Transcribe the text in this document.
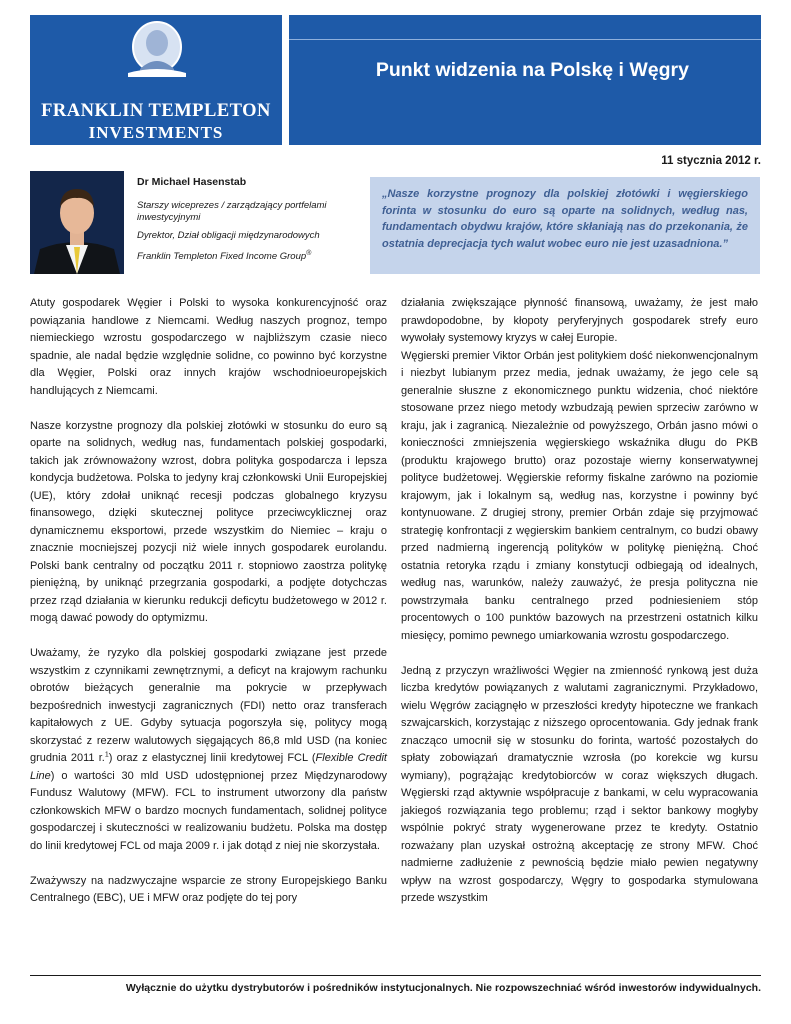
FRANKLIN TEMPLETON
INVESTMENTS
Punkt widzenia na Polskę i Węgry
11 stycznia 2012 r.
Dr Michael Hasenstab
Starszy wiceprezes / zarządzający portfelami inwestycyjnymi
Dyrektor, Dział obligacji międzynarodowych
Franklin Templeton Fixed Income Group®

„Nasze korzystne prognozy dla polskiej złotówki i węgierskiego forinta w stosunku do euro są oparte na solidnych, według nas, fundamentach obydwu krajów, które skłaniają nas do przekonania, że ostatnia deprecjacja tych walut wobec euro nie jest uzasadniona.”

Atuty gospodarek Węgier i Polski to wysoka konkurencyjność oraz powiązania handlowe z Niemcami. Według naszych prognoz, tempo niemieckiego wzrostu gospodarczego w najbliższym czasie nieco spadnie, ale nadal będzie względnie solidne, co powinno być korzystne dla Węgier, Polski oraz innych krajów wschodnioeuropejskich handlujących z Niemcami.

Nasze korzystne prognozy dla polskiej złotówki w stosunku do euro są oparte na solidnych, według nas, fundamentach polskiej gospodarki, takich jak zrównoważony wzrost, dobra polityka gospodarcza i lepsza kondycja budżetowa. Polska to jedyny kraj członkowski Unii Europejskiej (UE), który zdołał uniknąć recesji podczas globalnego kryzysu finansowego, dzięki skutecznej polityce przeciwcyklicznej oraz dynamicznemu eksportowi, przede wszystkim do Niemiec – kraju o znacznie mocniejszej pozycji niż wiele innych gospodarek eurolandu. Polski bank centralny od początku 2011 r. stopniowo zaostrza politykę pieniężną, by uniknąć przegrzania gospodarki, a podjęte dotychczas przez rząd działania w kierunku redukcji deficytu budżetowego w 2012 r. mogą dawać powody do optymizmu.

Uważamy, że ryzyko dla polskiej gospodarki związane jest przede wszystkim z czynnikami zewnętrznymi, a deficyt na krajowym rachunku obrotów bieżących generalnie ma pokrycie w przepływach bezpośrednich inwestycji zagranicznych (FDI) netto oraz transferach kapitałowych z UE. Gdyby sytuacja pogorszyła się, politycy mogą skorzystać z rezerw walutowych sięgających 86,8 mld USD (na koniec grudnia 2011 r.$^1$) oraz z elastycznej linii kredytowej FCL (Flexible Credit Line) o wartości 30 mld USD udostępnionej przez Międzynarodowy Fundusz Walutowy (MFW). FCL to instrument utworzony dla państw członkowskich MFW o bardzo mocnych fundamentach, solidnej polityce gospodarczej i skuteczności w realizowaniu budżetu. Polska ma dostęp do linii kredytowej FCL od maja 2009 r. i jak dotąd z niej nie skorzystała.

Zważywszy na nadzwyczajne wsparcie ze strony Europejskiego Banku Centralnego (EBC), UE i MFW oraz podjęte do tej pory

działania zwiększające płynność finansową, uważamy, że jest mało prawdopodobne, by kłopoty peryferyjnych gospodarek strefy euro wywołały systemowy kryzys w całej Europie.

Węgierski premier Viktor Orbán jest politykiem dość niekonwencjonalnym i niezbyt lubianym przez media, jednak uważamy, że jego cele są generalnie słuszne z ekonomicznego punktu widzenia, choć niektóre stosowane przez niego metody wzbudzają pewien sprzeciw zarówno w kraju, jak i zagranicą. Niezależnie od powyższego, Orbán jasno mówi o konieczności zmniejszenia węgierskiego wskaźnika długu do PKB (produktu krajowego brutto) oraz pozostaje wierny konserwatywnej polityce budżetowej. Węgierskie reformy fiskalne zarówno na poziomie krajowym, jak i lokalnym są, według nas, korzystne i powinny być kontynuowane. Z drugiej strony, premier Orbán zdaje się przyjmować strategię konfrontacji z węgierskim bankiem centralnym, co budzi obawy przed nadmierną ingerencją polityków w politykę pieniężną. Choć ostatnia retoryka rządu i zmiany konstytucji odbiegają od idealnych, według nas, warunków, należy zauważyć, że presja polityczna nie powstrzymała banku centralnego przed podniesieniem stóp procentowych o 100 punktów bazowych na przestrzeni ostatnich kilku miesięcy, pomimo pewnego umiarkowania wzrostu gospodarczego.

Jedną z przyczyn wrażliwości Węgier na zmienność rynkową jest duża liczba kredytów powiązanych z walutami zagranicznymi. Przykładowo, wielu Węgrów zaciągnęło w przeszłości kredyty hipoteczne we frankach szwajcarskich, korzystając z niższego oprocentowania. Gdy jednak frank znacząco umocnił się w stosunku do forinta, wartość pozostałych do spłaty zobowiązań dramatycznie wzrosła (po korekcie wg kursu wymiany), pogrążając kredytobiorców w coraz większych długach. Węgierski rząd aktywnie współpracuje z bankami, w celu wypracowania jakiegoś rozwiązania tego problemu; rząd i sektor bankowy mogłyby wspólnie pokryć straty wygenerowane przez te kredyty. Ostatnio rozważany plan uzyskał ostrożną akceptację ze strony MFW. Choć nadmierne zadłużenie z pewnością będzie miało pewien negatywny wpływ na wzrost gospodarczy, Węgry to gospodarka stymulowana przede wszystkim

Wyłącznie do użytku dystrybutorów i pośredników instytucjonalnych. Nie rozpowszechniać wśród inwestorów indywidualnych.
